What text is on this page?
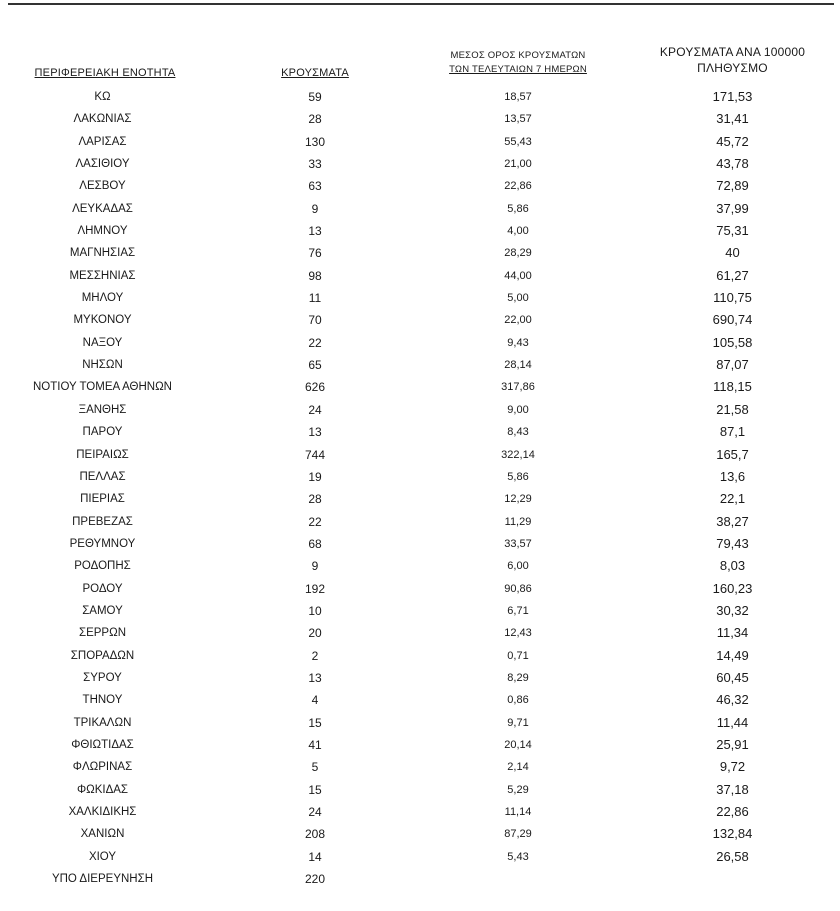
ΠΕΡΙΦΕΡΕΙΑΚΗ ΕΝΟΤΗΤΑ	ΚΡΟΥΣΜΑΤΑ
ΜΕΣΟΣ ΟΡΟΣ ΚΡΟΥΣΜΑΤΩΝ
ΤΩΝ ΤΕΛΕΥΤΑΙΩΝ 7 ΗΜΕΡΩΝ
ΚΡΟΥΣΜΑΤΑ ΑΝΑ 100000
ΠΛΗΘΥΣΜΟ
ΚΩ	59	18,57	171,53
ΛΑΚΩΝΙΑΣ	28	13,57	31,41
ΛΑΡΙΣΑΣ	130	55,43	45,72
ΛΑΣΙΘΙΟΥ	33	21,00	43,78
ΛΕΣΒΟΥ	63	22,86	72,89
ΛΕΥΚΑΔΑΣ	9	5,86	37,99
ΛΗΜΝΟΥ	13	4,00	75,31
ΜΑΓΝΗΣΙΑΣ	76	28,29	40
ΜΕΣΣΗΝΙΑΣ	98	44,00	61,27
ΜΗΛΟΥ	11	5,00	110,75
ΜΥΚΟΝΟΥ	70	22,00	690,74
ΝΑΞΟΥ	22	9,43	105,58
ΝΗΣΩΝ	65	28,14	87,07
ΝΟΤΙΟΥ ΤΟΜΕΑ ΑΘΗΝΩΝ	626	317,86	118,15
ΞΑΝΘΗΣ	24	9,00	21,58
ΠΑΡΟΥ	13	8,43	87,1
ΠΕΙΡΑΙΩΣ	744	322,14	165,7
ΠΕΛΛΑΣ	19	5,86	13,6
ΠΙΕΡΙΑΣ	28	12,29	22,1
ΠΡΕΒΕΖΑΣ	22	11,29	38,27
ΡΕΘΥΜΝΟΥ	68	33,57	79,43
ΡΟΔΟΠΗΣ	9	6,00	8,03
ΡΟΔΟΥ	192	90,86	160,23
ΣΑΜΟΥ	10	6,71	30,32
ΣΕΡΡΩΝ	20	12,43	11,34
ΣΠΟΡΑΔΩΝ	2	0,71	14,49
ΣΥΡΟΥ	13	8,29	60,45
ΤΗΝΟΥ	4	0,86	46,32
ΤΡΙΚΑΛΩΝ	15	9,71	11,44
ΦΘΙΩΤΙΔΑΣ	41	20,14	25,91
ΦΛΩΡΙΝΑΣ	5	2,14	9,72
ΦΩΚΙΔΑΣ	15	5,29	37,18
ΧΑΛΚΙΔΙΚΗΣ	24	11,14	22,86
ΧΑΝΙΩΝ	208	87,29	132,84
ΧΙΟΥ	14	5,43	26,58
ΥΠΟ ΔΙΕΡΕΥΝΗΣΗ	220
